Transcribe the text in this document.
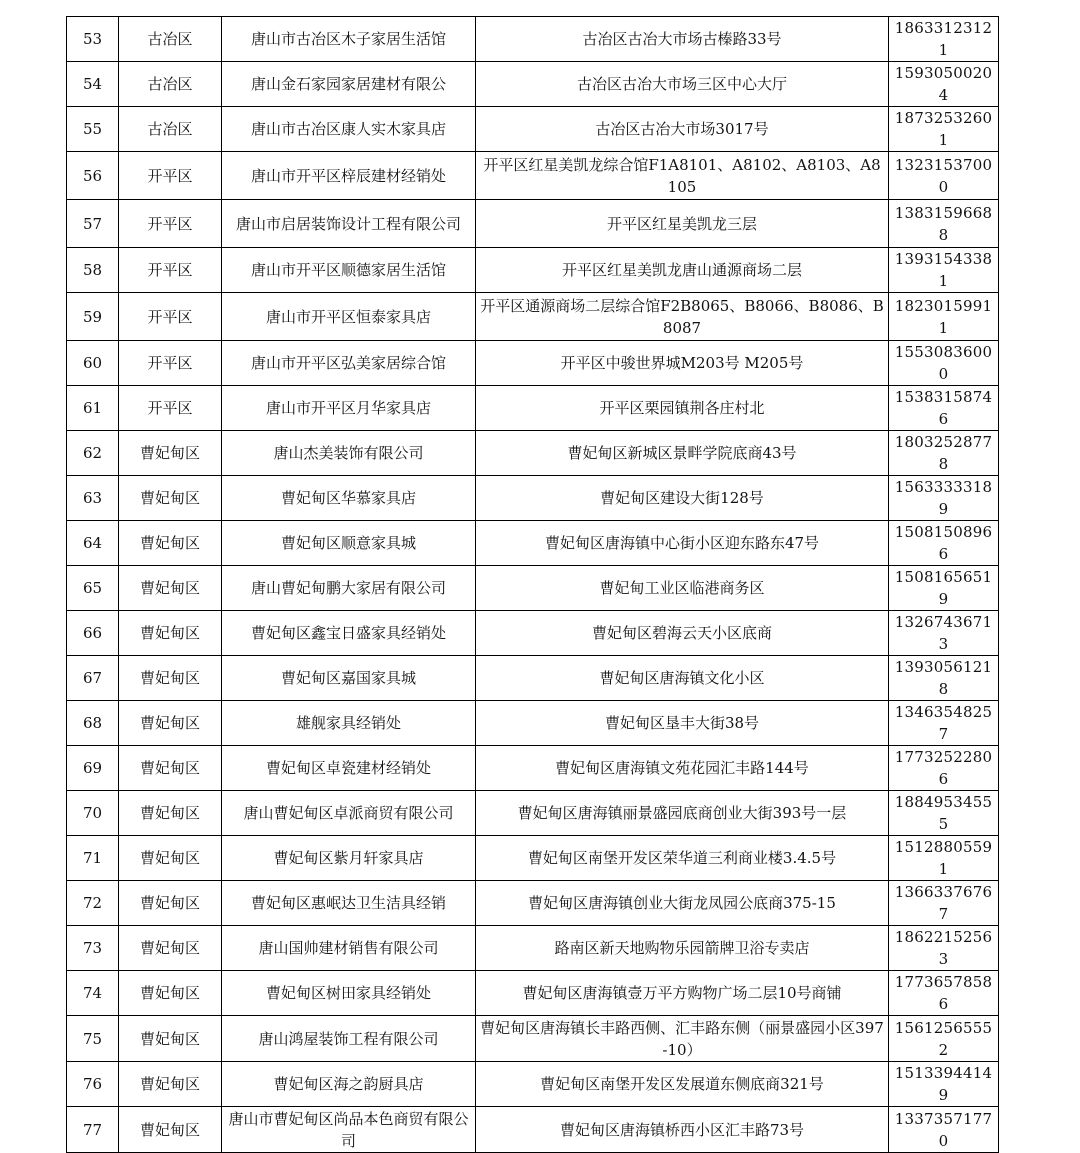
53	古冶区	唐山市古冶区木子家居生活馆	古冶区古冶大市场古榛路33号	18633123121
54	古冶区	唐山金石家园家居建材有限公	古冶区古冶大市场三区中心大厅	15930500204
55	古冶区	唐山市古冶区康人实木家具店	古冶区古冶大市场3017号	18732532601
56	开平区	唐山市开平区梓辰建材经销处	开平区红星美凯龙综合馆F1A8101、A8102、A8103、A8105	13231537000
57	开平区	唐山市启居装饰设计工程有限公司	开平区红星美凯龙三层	13831596688
58	开平区	唐山市开平区顺德家居生活馆	开平区红星美凯龙唐山通源商场二层	13931543381
59	开平区	唐山市开平区恒泰家具店	开平区通源商场二层综合馆F2B8065、B8066、B8086、B8087	18230159911
60	开平区	唐山市开平区弘美家居综合馆	开平区中骏世界城M203号 M205号	15530836000
61	开平区	唐山市开平区月华家具店	开平区栗园镇荆各庄村北	15383158746
62	曹妃甸区	唐山杰美装饰有限公司	曹妃甸区新城区景畔学院底商43号	18032528778
63	曹妃甸区	曹妃甸区华慕家具店	曹妃甸区建设大街128号	15633333189
64	曹妃甸区	曹妃甸区顺意家具城	曹妃甸区唐海镇中心街小区迎东路东47号	15081508966
65	曹妃甸区	唐山曹妃甸鹏大家居有限公司	曹妃甸工业区临港商务区	15081656519
66	曹妃甸区	曹妃甸区鑫宝日盛家具经销处	曹妃甸区碧海云天小区底商	13267436713
67	曹妃甸区	曹妃甸区嘉国家具城	曹妃甸区唐海镇文化小区	13930561218
68	曹妃甸区	雄舰家具经销处	曹妃甸区垦丰大街38号	13463548257
69	曹妃甸区	曹妃甸区卓瓷建材经销处	曹妃甸区唐海镇文苑花园汇丰路144号	17732522806
70	曹妃甸区	唐山曹妃甸区卓派商贸有限公司	曹妃甸区唐海镇丽景盛园底商创业大街393号一层	18849534555
71	曹妃甸区	曹妃甸区紫月轩家具店	曹妃甸区南堡开发区荣华道三利商业楼3.4.5号	15128805591
72	曹妃甸区	曹妃甸区惠岷达卫生洁具经销	曹妃甸区唐海镇创业大街龙凤园公底商375-15	13663376767
73	曹妃甸区	唐山国帅建材销售有限公司	路南区新天地购物乐园箭牌卫浴专卖店	18622152563
74	曹妃甸区	曹妃甸区树田家具经销处	曹妃甸区唐海镇壹万平方购物广场二层10号商铺	17736578586
75	曹妃甸区	唐山鸿屋装饰工程有限公司	曹妃甸区唐海镇长丰路西侧、汇丰路东侧（丽景盛园小区397-10）	15612565552
76	曹妃甸区	曹妃甸区海之韵厨具店	曹妃甸区南堡开发区发展道东侧底商321号	15133944149
77	曹妃甸区	唐山市曹妃甸区尚品本色商贸有限公司	曹妃甸区唐海镇桥西小区汇丰路73号	13373571770
